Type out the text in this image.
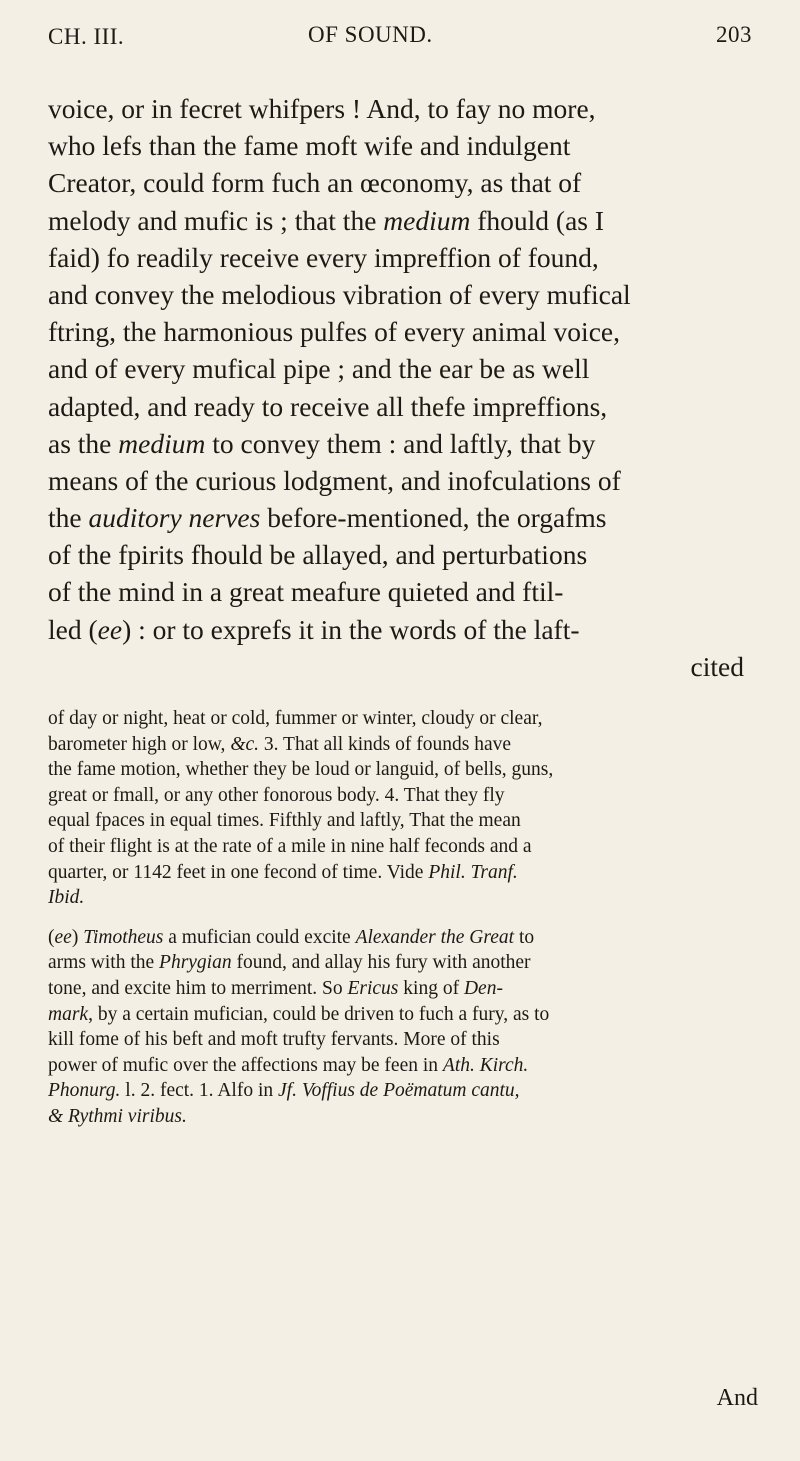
CH. III.	OF SOUND.	203
voice, or in fecret whifpers ! And, to fay no more,
who lefs than the fame moft wife and indulgent
Creator, could form fuch an œconomy, as that of
melody and mufic is ; that the medium fhould (as I
faid) fo readily receive every impreffion of found,
and convey the melodious vibration of every mufical
ftring, the harmonious pulfes of every animal voice,
and of every mufical pipe ; and the ear be as well
adapted, and ready to receive all thefe impreffions,
as the medium to convey them : and laftly, that by
means of the curious lodgment, and inofculations of
the auditory nerves before-mentioned, the orgafms
of the fpirits fhould be allayed, and perturbations
of the mind in a great meafure quieted and ftil-
led (ee) : or to exprefs it in the words of the laft-
cited
of day or night, heat or cold, fummer or winter, cloudy or clear,
barometer high or low, &c. 3. That all kinds of founds have
the fame motion, whether they be loud or languid, of bells, guns,
great or fmall, or any other fonorous body. 4. That they fly
equal fpaces in equal times. Fifthly and laftly, That the mean
of their flight is at the rate of a mile in nine half feconds and a
quarter, or 1142 feet in one fecond of time. Vide Phil. Tranf.
Ibid.
(ee) Timotheus a mufician could excite Alexander the Great to
arms with the Phrygian found, and allay his fury with another
tone, and excite him to merriment. So Ericus king of Den-
mark, by a certain mufician, could be driven to fuch a fury, as to
kill fome of his beft and moft trufty fervants. More of this
power of mufic over the affections may be feen in Ath. Kirch.
Phonurg. l. 2. fect. 1. Alfo in Jf. Voffius de Poëmatum cantu,
& Rythmi viribus.
And
